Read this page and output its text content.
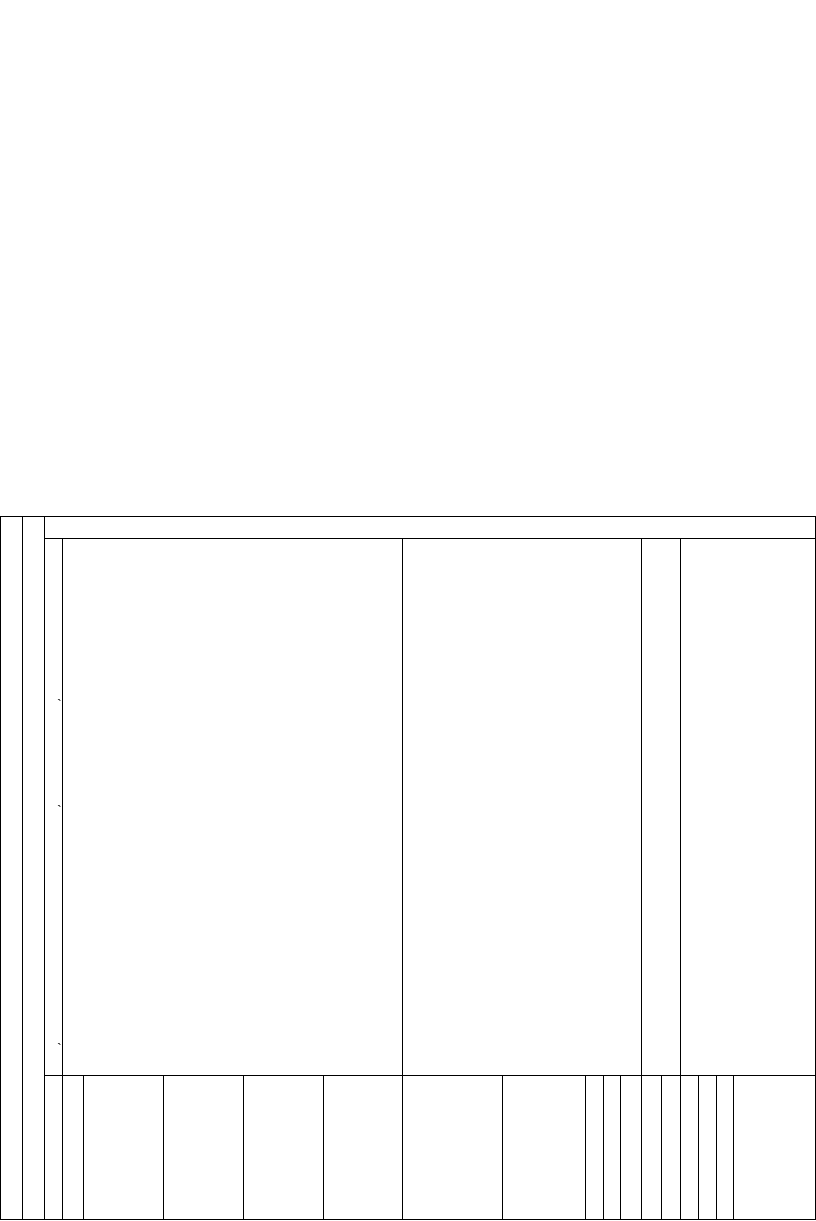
ˏ
ˏ
ˏ
